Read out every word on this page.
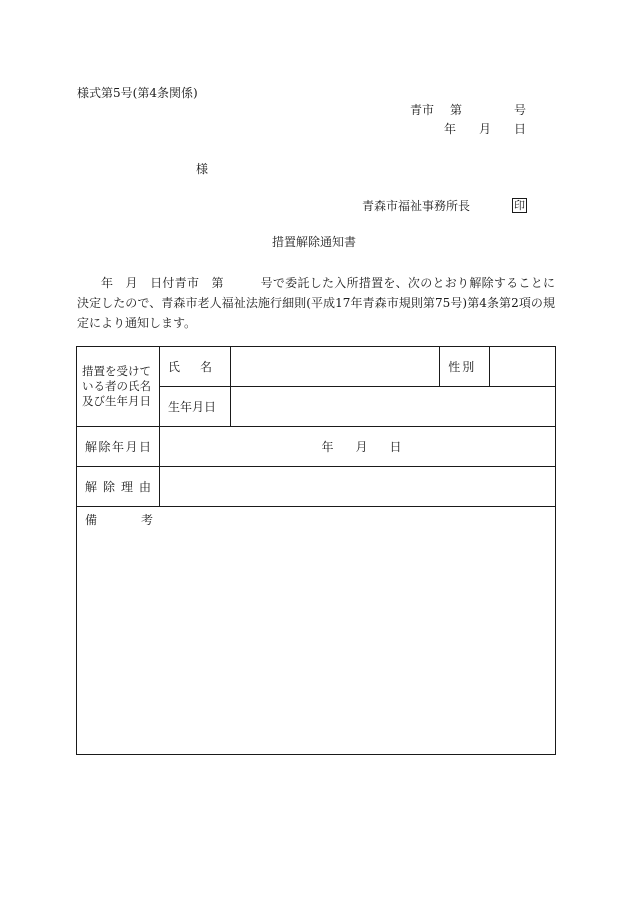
様式第5号(第4条関係)
青市 第	号
年 月 日
様
青森市福祉事務所長	印
措置解除通知書

年　月　日付青市　第　　　号で委託した入所措置を、次のとおり解除することに決定したので、青森市老人福祉法施行細則(平成17年青森市規則第75号)第4条第2項の規定により通知します。

措置を受けている者の氏名及び生年月日	氏 名		性 別	

	生年月日			

解 除 年 月 日	年 月 日			

解 除 理 由				

備 考				
